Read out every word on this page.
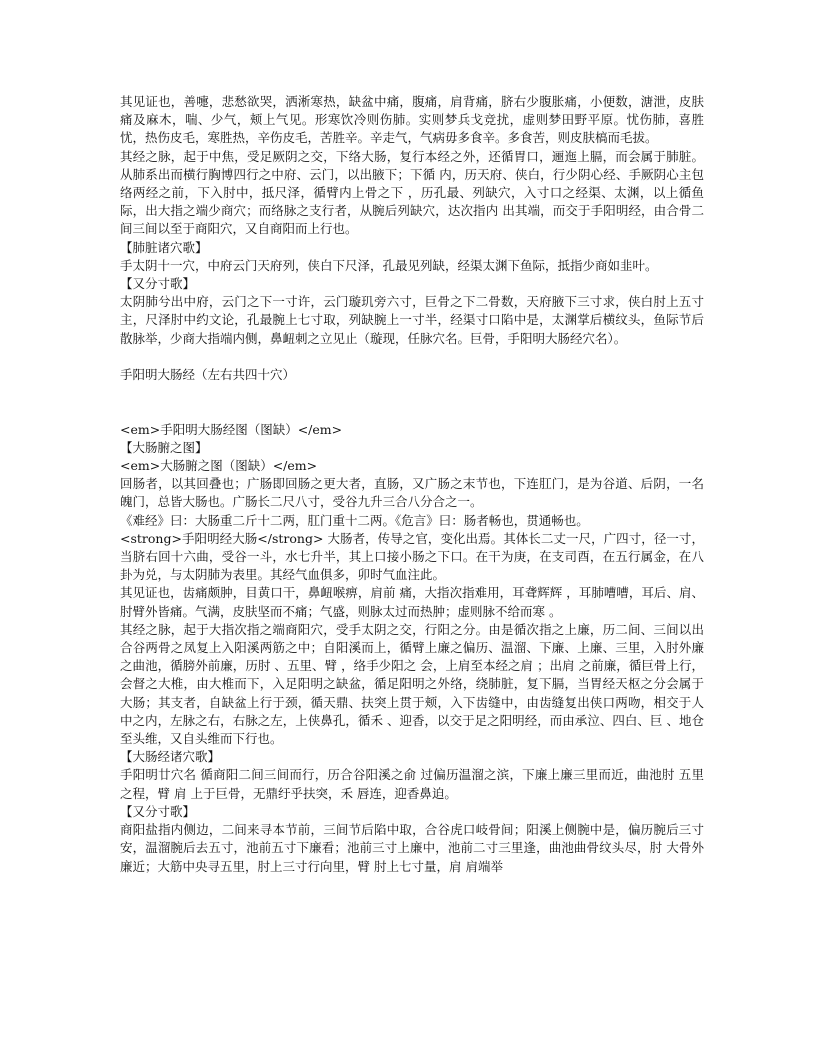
其见证也，善嚏，悲愁欲哭，洒淅寒热，缺盆中痛，腹痛，肩背痛，脐右少腹胀痛，小便数，溏泄，皮肤痛及麻木，喘、少气，颊上气见。形寒饮冷则伤肺。实则梦兵戈竞扰，虚则梦田野平原。忧伤肺，喜胜忧，热伤皮毛，寒胜热，辛伤皮毛，苦胜辛。辛走气，气病毋多食辛。多食苦，则皮肤槁而毛拔。

其经之脉，起于中焦，受足厥阴之交，下络大肠，复行本经之外，还循胃口，逦迤上膈，而会属于肺脏。从肺系出而横行胸博四行之中府、云门，以出腋下；下循 内，历天府、侠白，行少阴心经、手厥阴心主包络两经之前，下入肘中，抵尺泽，循臂内上骨之下 ，历孔最、列缺穴，入寸口之经渠、太渊，以上循鱼际，出大指之端少商穴；而络脉之支行者，从腕后列缺穴，达次指内 出其端，而交于手阳明经，由合骨二间三间以至于商阳穴，又自商阳而上行也。

【肺脏诸穴歌】

手太阴十一穴，中府云门天府列，侠白下尺泽，孔最见列缺，经渠太渊下鱼际，抵指少商如韭叶。

【又分寸歌】

太阴肺兮出中府，云门之下一寸许，云门璇玑旁六寸，巨骨之下二骨数，天府腋下三寸求，侠白肘上五寸主，尺泽肘中约文论，孔最腕上七寸取，列缺腕上一寸半，经渠寸口陷中是，太渊掌后横纹头，鱼际节后散脉举，少商大指端内侧，鼻衄刺之立见止（璇现，任脉穴名。巨骨，手阳明大肠经穴名）。

手阳明大肠经（左右共四十穴）

<em>手阳明大肠经图（图缺）</em>

【大肠腑之图】

<em>大肠腑之图（图缺）</em>

回肠者，以其回叠也；广肠即回肠之更大者，直肠，又广肠之末节也，下连肛门，是为谷道、后阴，一名魄门，总皆大肠也。广肠长二尺八寸，受谷九升三合八分合之一。

《难经》曰：大肠重二斤十二两，肛门重十二两。《危言》曰：肠者畅也，贯通畅也。

<strong>手阳明经大肠</strong> 大肠者，传导之官，变化出焉。其体长二丈一尺，广四寸，径一寸，当脐右回十六曲，受谷一斗，水七升半，其上口接小肠之下口。在干为庚，在支司酉，在五行属金，在八卦为兑，与太阴肺为表里。其经气血俱多，卯时气血注此。

其见证也，齿痛颇肿，目黄口干，鼻衄喉痹，肩前 痛，大指次指难用，耳聋辉辉 ，耳肺嘈嘈，耳后、肩、肘臂外皆痛。气满，皮肤坚而不痛；气盛，则脉太过而热肿；虚则脉不给而寒 。

其经之脉，起于大指次指之端商阳穴，受手太阴之交，行阳之分。由是循次指之上廉，历二间、三间以出合谷两骨之凤复上入阳溪两筋之中；自阳溪而上，循臂上廉之偏历、温溜、下廉、上廉、三里，入肘外廉之曲池，循膀外前廉，历肘 、五里、臂 ，络手少阳之 会，上肩至本经之肩 ；出肩 之前廉，循巨骨上行，会督之大椎，由大椎而下，入足阳明之缺盆，循足阳明之外络，绕肺脏，复下膈，当胃经天枢之分会属于大肠；其支者，自缺盆上行于颈，循天鼎、扶突上贯于颊，入下齿缝中，由齿缝复出侠口两吻，相交于人中之内，左脉之右，右脉之左，上侠鼻孔，循禾 、迎香，以交于足之阳明经，而由承泣、四白、巨 、地仓至头维，又自头维而下行也。

【大肠经诸穴歌】

手阳明廿穴名 循商阳二间三间而行，历合谷阳溪之俞 过偏历温溜之滨，下廉上廉三里而近，曲池肘 五里之程，臂 肩 上于巨骨，无鼎纡乎扶突，禾 唇连，迎香鼻迫。

【又分寸歌】

商阳盐指内侧边，二间来寻本节前，三间节后陷中取，合谷虎口岐骨间；阳溪上侧腕中是，偏历腕后三寸安，温溜腕后去五寸，池前五寸下廉看；池前三寸上廉中，池前二寸三里逢，曲池曲骨纹头尽，肘 大骨外廉近；大筋中央寻五里，肘上三寸行向里，臂 肘上七寸量，肩 肩端举
